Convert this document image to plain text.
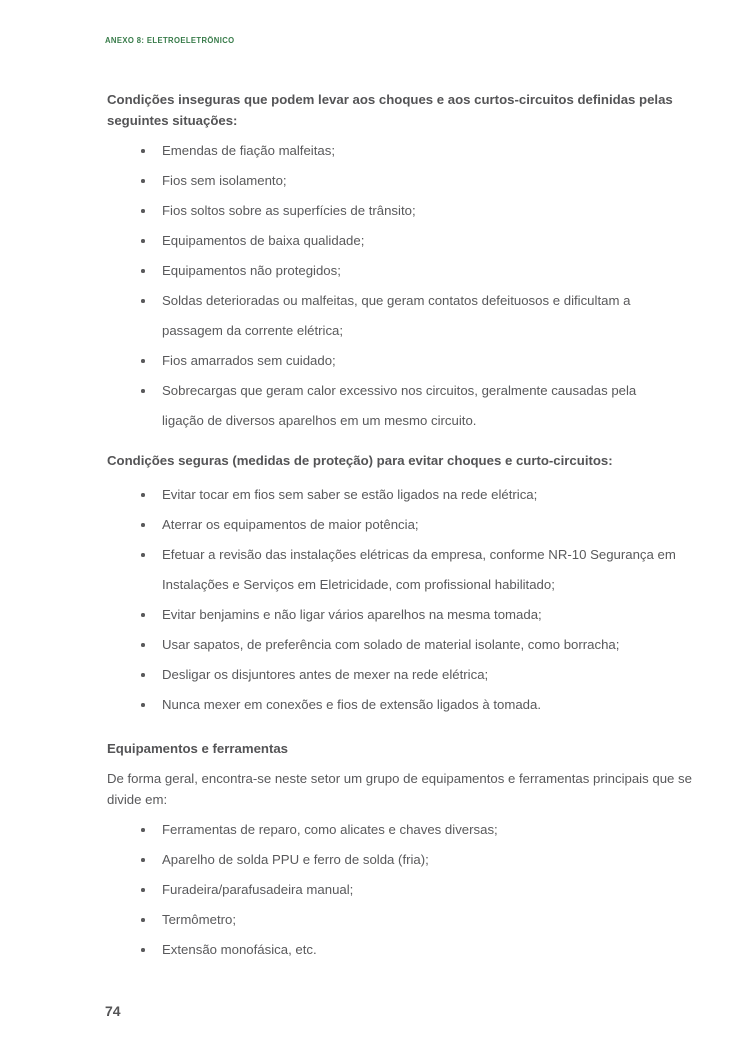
ANEXO 8: ELETROELETRÔNICO
Condições inseguras que podem levar aos choques e aos curtos-circuitos definidas pelas seguintes situações:
Emendas de fiação malfeitas;
Fios sem isolamento;
Fios soltos sobre as superfícies de trânsito;
Equipamentos de baixa qualidade;
Equipamentos não protegidos;
Soldas deterioradas ou malfeitas, que geram contatos defeituosos e dificultam a passagem da corrente elétrica;
Fios amarrados sem cuidado;
Sobrecargas que geram calor excessivo nos circuitos, geralmente causadas pela ligação de diversos aparelhos em um mesmo circuito.
Condições seguras (medidas de proteção) para evitar choques e curto-circuitos:
Evitar tocar em fios sem saber se estão ligados na rede elétrica;
Aterrar os equipamentos de maior potência;
Efetuar a revisão das instalações elétricas da empresa, conforme NR-10 Segurança em Instalações e Serviços em Eletricidade, com profissional habilitado;
Evitar benjamins e não ligar vários aparelhos na mesma tomada;
Usar sapatos, de preferência com solado de material isolante, como borracha;
Desligar os disjuntores antes de mexer na rede elétrica;
Nunca mexer em conexões e fios de extensão ligados à tomada.
Equipamentos e ferramentas

De forma geral, encontra-se neste setor um grupo de equipamentos e ferramentas principais que se divide em:

Ferramentas de reparo, como alicates e chaves diversas;
Aparelho de solda PPU e ferro de solda (fria);
Furadeira/parafusadeira manual;
Termômetro;
Extensão monofásica, etc.
74
